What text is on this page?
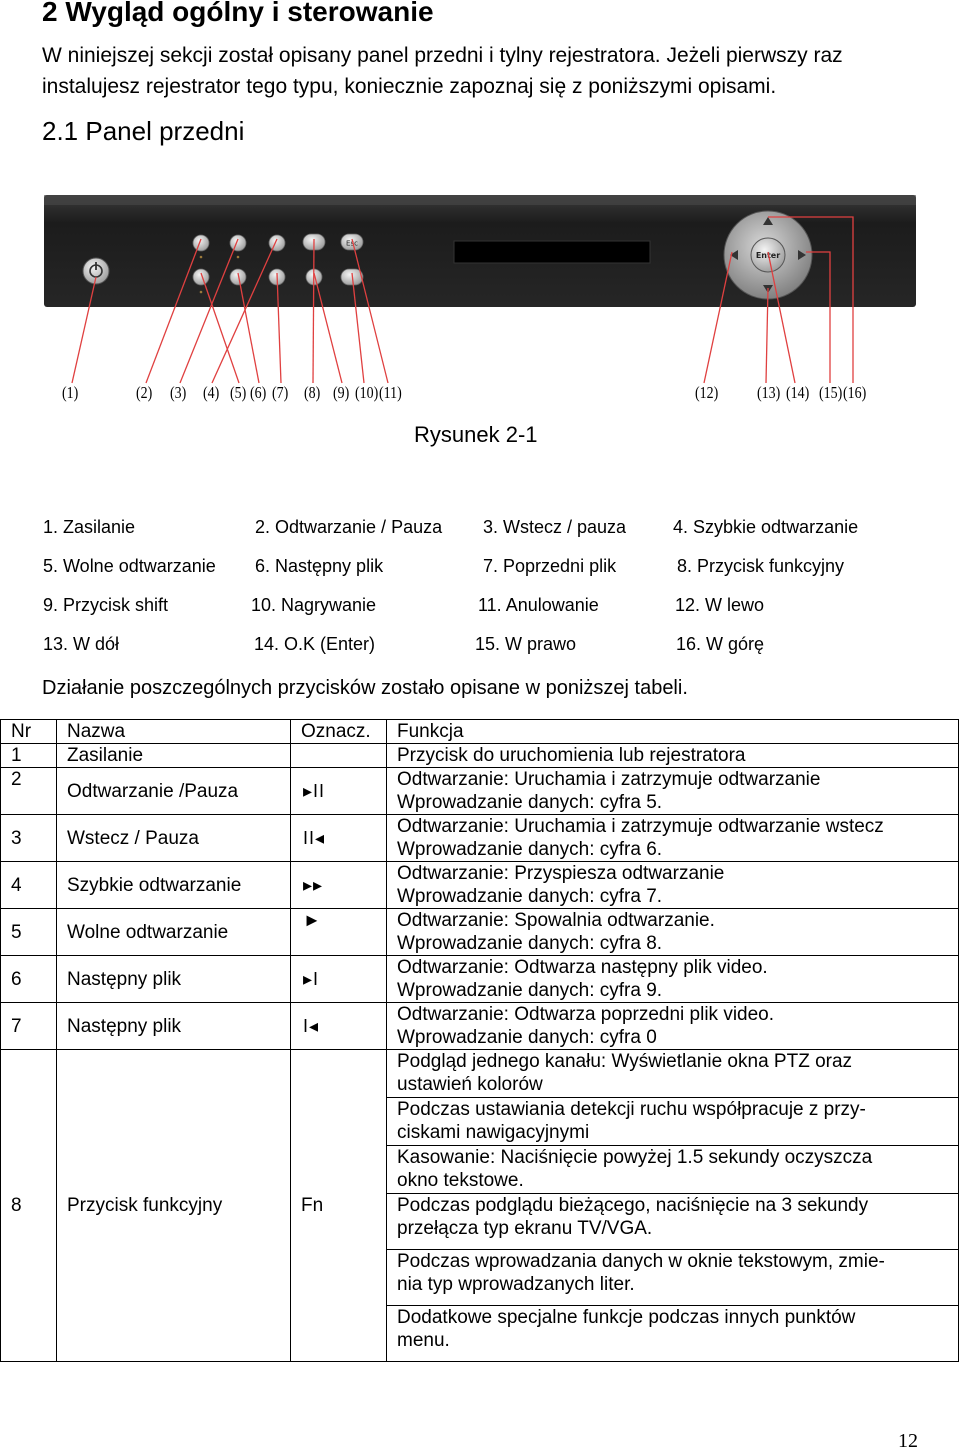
2 Wygląd ogólny i sterowanie
W niniejszej sekcji został opisany panel przedni i tylny rejestratora. Jeżeli pierwszy raz instalujesz rejestrator tego typu, koniecznie zapoznaj się z poniższymi opisami.
2.1 Panel przedni
Esc
Enter
(1)	(2) (3) (4) (5) (6) (7) (8) (9) (10) (11)	(12) (13) (14) (15) (16)
Rysunek 2-1
1. Zasilanie	2. Odtwarzanie / Pauza 3. Wstecz / pauza	4. Szybkie odtwarzanie
5. Wolne odtwarzanie 6. Następny plik	7. Poprzedni plik	8. Przycisk funkcyjny
9. Przycisk shift	10. Nagrywanie	11. Anulowanie	12. W lewo
13. W dół	14. O.K (Enter)	15. W prawo	16. W górę
Działanie poszczególnych przycisków zostało opisane w poniższej tabeli.
Nr	Nazwa	Oznacz.	Funkcja
1	Zasilanie		Przycisk do uruchomienia lub rejestratora
2	Odtwarzanie /Pauza	▸II	Odtwarzanie: Uruchamia i zatrzymuje odtwarzanie
Wprowadzanie danych: cyfra 5.

3	Wstecz / Pauza	II◂	Odtwarzanie: Uruchamia i zatrzymuje odtwarzanie wstecz
Wprowadzanie danych: cyfra 6.

4	Szybkie odtwarzanie	▸▸	Odtwarzanie: Przyspiesza odtwarzanie
Wprowadzanie danych: cyfra 7.

5	Wolne odtwarzanie	►	Odtwarzanie: Spowalnia odtwarzanie.
Wprowadzanie danych: cyfra 8.

6	Następny plik	▸I	Odtwarzanie: Odtwarza następny plik video.
Wprowadzanie danych: cyfra 9.

7	Następny plik	I◂	Odtwarzanie: Odtwarza poprzedni plik video.
Wprowadzanie danych: cyfra 0

8	Przycisk funkcyjny	Fn	Podgląd jednego kanału: Wyświetlanie okna PTZ oraz
ustawień kolorów

			Podczas ustawiania detekcji ruchu współpracuje z przy-
ciskami nawigacyjnymi

			Kasowanie: Naciśnięcie powyżej 1.5 sekundy oczyszcza
okno tekstowe.

			Podczas podglądu bieżącego, naciśnięcie na 3 sekundy
przełącza typ ekranu TV/VGA.

			Podczas wprowadzania danych w oknie tekstowym, zmie-
nia typ wprowadzanych liter.

			Dodatkowe specjalne funkcje podczas innych punktów
menu.
12
